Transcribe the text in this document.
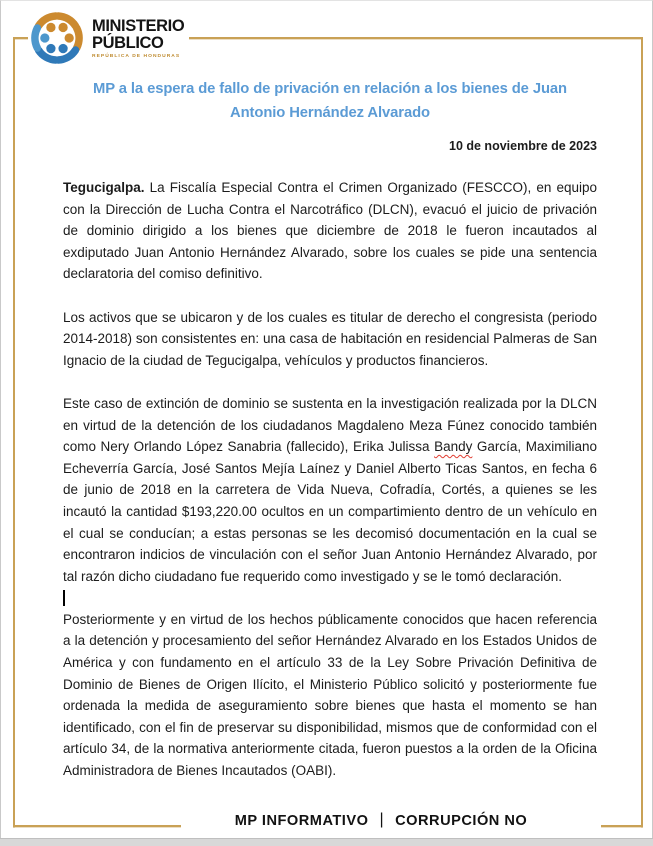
MINISTERIO
PÚBLICO
REPÚBLICA DE HONDURAS
MP a la espera de fallo de privación en relación a los bienes de Juan Antonio Hernández Alvarado
10 de noviembre de 2023

Tegucigalpa. La Fiscalía Especial Contra el Crimen Organizado (FESCCO), en equipo con la Dirección de Lucha Contra el Narcotráfico (DLCN), evacuó el juicio de privación de dominio dirigido a los bienes que diciembre de 2018 le fueron incautados al exdiputado Juan Antonio Hernández Alvarado, sobre los cuales se pide una sentencia declaratoria del comiso definitivo.

Los activos que se ubicaron y de los cuales es titular de derecho el congresista (periodo 2014-2018) son consistentes en: una casa de habitación en residencial Palmeras de San Ignacio de la ciudad de Tegucigalpa, vehículos y productos financieros.

Este caso de extinción de dominio se sustenta en la investigación realizada por la DLCN en virtud de la detención de los ciudadanos Magdaleno Meza Fúnez conocido también como Nery Orlando López Sanabria (fallecido), Erika Julissa Bandy García, Maximiliano Echeverría García, José Santos Mejía Laínez y Daniel Alberto Ticas Santos, en fecha 6 de junio de 2018 en la carretera de Vida Nueva, Cofradía, Cortés, a quienes se les incautó la cantidad $193,220.00 ocultos en un compartimiento dentro de un vehículo en el cual se conducían; a estas personas se les decomisó documentación en la cual se encontraron indicios de vinculación con el señor Juan Antonio Hernández Alvarado, por tal razón dicho ciudadano fue requerido como investigado y se le tomó declaración.

Posteriormente y en virtud de los hechos públicamente conocidos que hacen referencia a la detención y procesamiento del señor Hernández Alvarado en los Estados Unidos de América y con fundamento en el artículo 33 de la Ley Sobre Privación Definitiva de Dominio de Bienes de Origen Ilícito, el Ministerio Público solicitó y posteriormente fue ordenada la medida de aseguramiento sobre bienes que hasta el momento se han identificado, con el fin de preservar su disponibilidad, mismos que de conformidad con el artículo 34, de la normativa anteriormente citada, fueron puestos a la orden de la Oficina Administradora de Bienes Incautados (OABI).

MP INFORMATIVO | CORRUPCIÓN NO
